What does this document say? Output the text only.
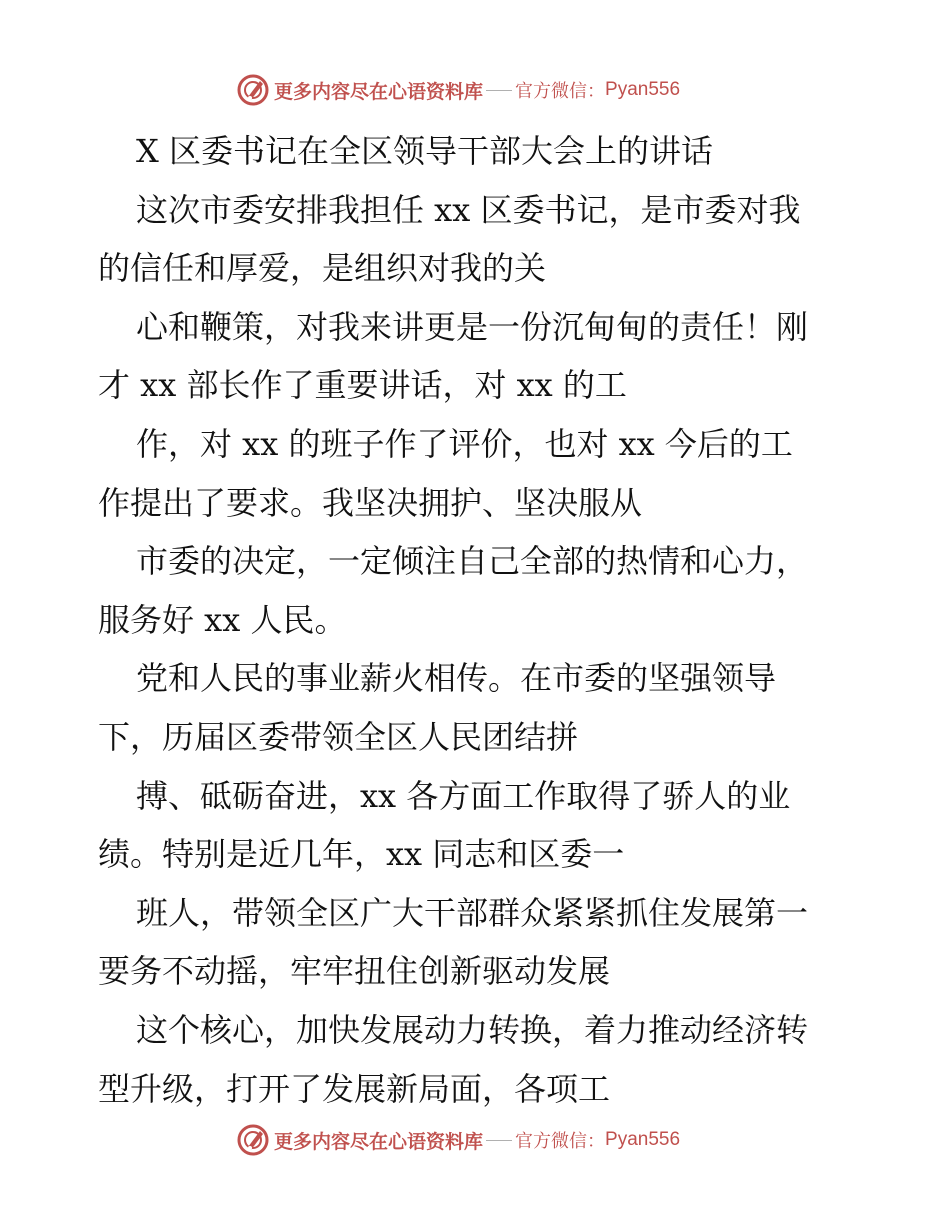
更多内容尽在心语资料库 官方微信： Pyan556
X 区委书记在全区领导干部大会上的讲话
这次市委安排我担任 xx 区委书记，是市委对我
的信任和厚爱，是组织对我的关
心和鞭策，对我来讲更是一份沉甸甸的责任！刚
才 xx 部长作了重要讲话，对 xx 的工
作，对 xx 的班子作了评价，也对 xx 今后的工
作提出了要求。我坚决拥护、坚决服从
市委的决定，一定倾注自己全部的热情和心力，
服务好 xx 人民。
党和人民的事业薪火相传。在市委的坚强领导
下，历届区委带领全区人民团结拼
搏、砥砺奋进，xx 各方面工作取得了骄人的业
绩。特别是近几年，xx 同志和区委一
班人，带领全区广大干部群众紧紧抓住发展第一
要务不动摇，牢牢扭住创新驱动发展
这个核心，加快发展动力转换，着力推动经济转
型升级，打开了发展新局面，各项工
更多内容尽在心语资料库 官方微信： Pyan556
